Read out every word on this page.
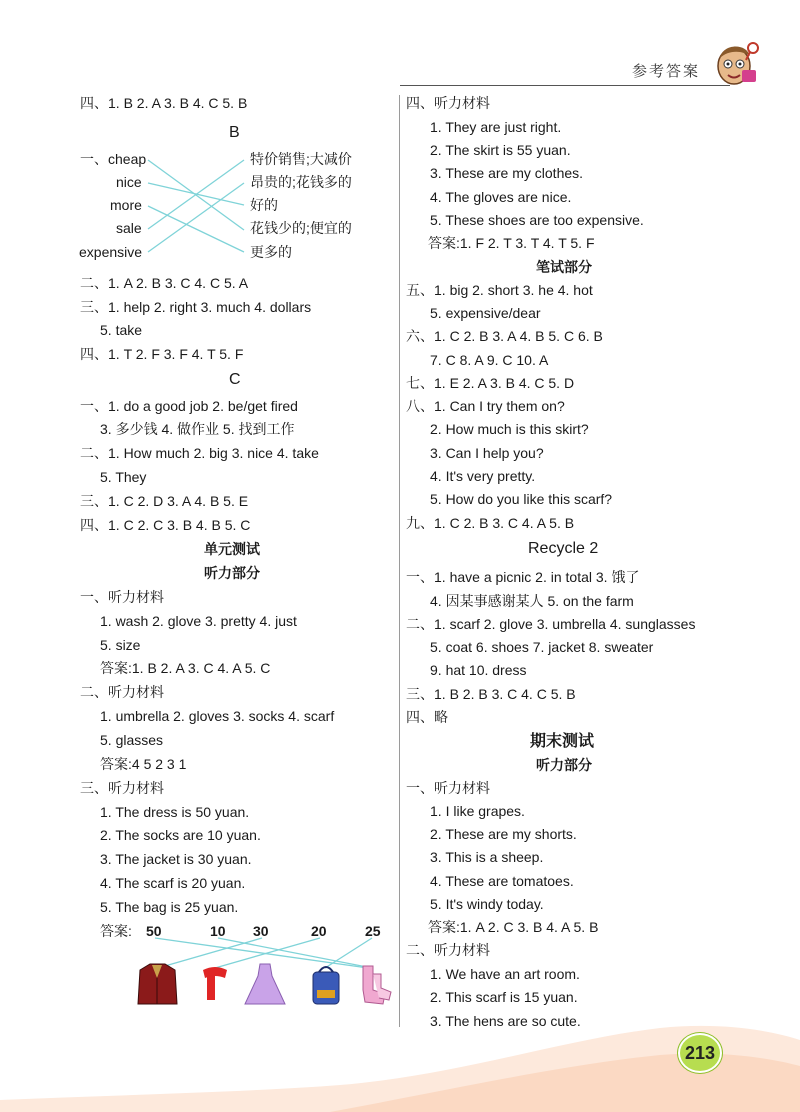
参考答案
四、1. B 2. A 3. B 4. C 5. B
B
一、cheap
nice
more
sale
expensive
特价销售;大减价
昂贵的;花钱多的
好的
花钱少的;便宜的
更多的
二、1. A 2. B 3. C 4. C 5. A
三、1. help 2. right 3. much 4. dollars
5. take
四、1. T 2. F 3. F 4. T 5. F
C
一、1. do a good job 2. be/get fired
3. 多少钱 4. 做作业 5. 找到工作
二、1. How much 2. big 3. nice 4. take
5. They
三、1. C 2. D 3. A 4. B 5. E
四、1. C 2. C 3. B 4. B 5. C
单元测试
听力部分
一、听力材料
1. wash 2. glove 3. pretty 4. just
5. size
答案:1. B 2. A 3. C 4. A 5. C
二、听力材料
1. umbrella 2. gloves 3. socks 4. scarf
5. glasses
答案:4 5 2 3 1
三、听力材料
1. The dress is 50 yuan.
2. The socks are 10 yuan.
3. The jacket is 30 yuan.
4. The scarf is 20 yuan.
5. The bag is 25 yuan.
答案: 50	10 30	20	25
四、听力材料
1. They are just right.
2. The skirt is 55 yuan.
3. These are my clothes.
4. The gloves are nice.
5. These shoes are too expensive.
答案:1. F 2. T 3. T 4. T 5. F
笔试部分
五、1. big 2. short 3. he 4. hot
5. expensive/dear
六、1. C 2. B 3. A 4. B 5. C 6. B
7. C 8. A 9. C 10. A
七、1. E 2. A 3. B 4. C 5. D
八、1. Can I try them on?
2. How much is this skirt?
3. Can I help you?
4. It's very pretty.
5. How do you like this scarf?
九、1. C 2. B 3. C 4. A 5. B
Recycle 2
一、1. have a picnic 2. in total 3. 饿了
4. 因某事感谢某人 5. on the farm
二、1. scarf 2. glove 3. umbrella 4. sunglasses
5. coat 6. shoes 7. jacket 8. sweater
9. hat 10. dress
三、1. B 2. B 3. C 4. C 5. B
四、略
期末测试
听力部分
一、听力材料
1. I like grapes.
2. These are my shorts.
3. This is a sheep.
4. These are tomatoes.
5. It's windy today.
答案:1. A 2. C 3. B 4. A 5. B
二、听力材料
1. We have an art room.
2. This scarf is 15 yuan.
3. The hens are so cute.
213
